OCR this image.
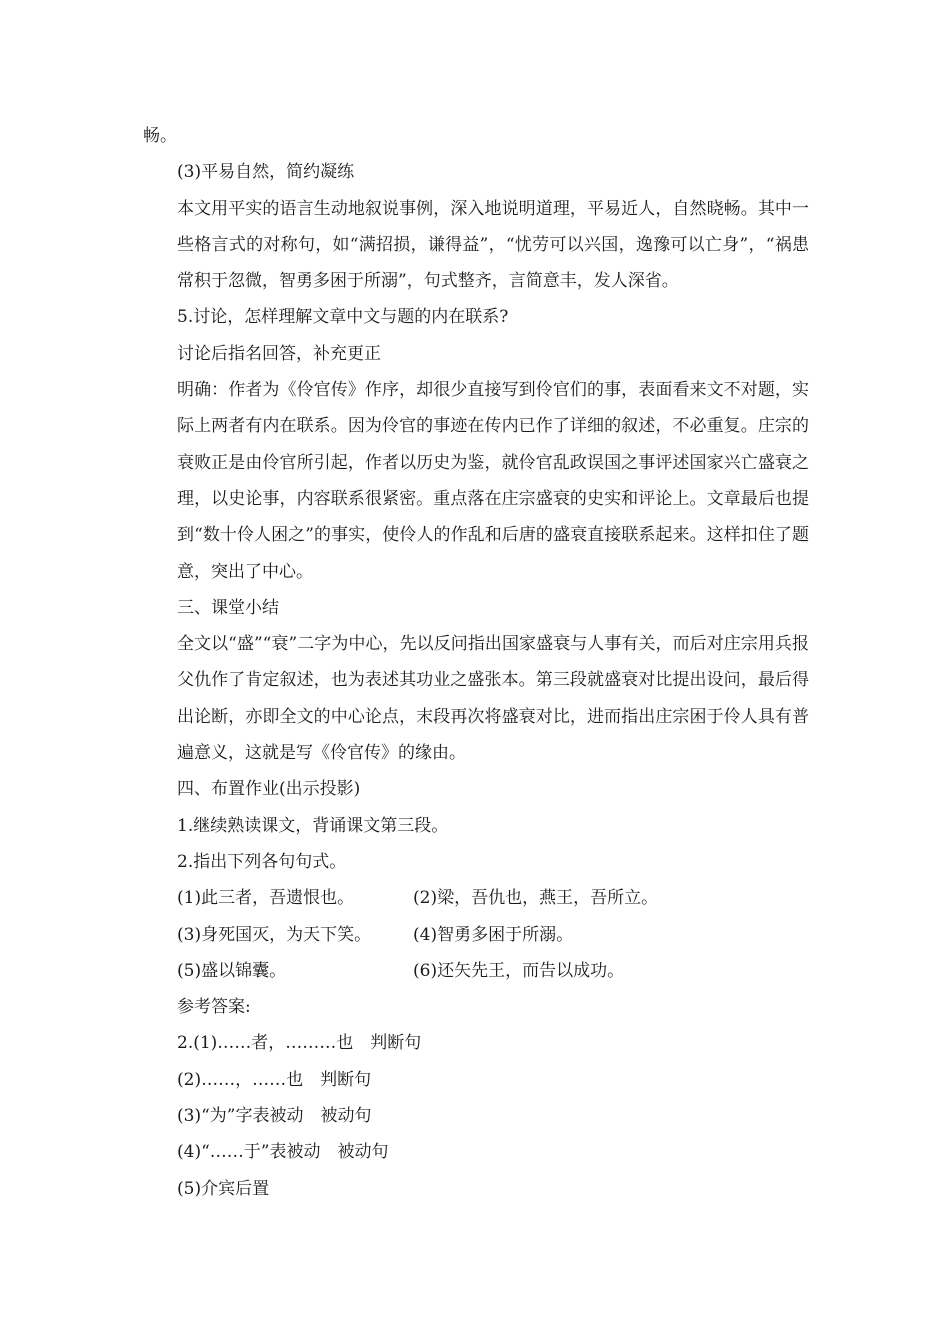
畅。

(3)平易自然，简约凝练

本文用平实的语言生动地叙说事例，深入地说明道理，平易近人，自然晓畅。其中一些格言式的对称句，如“满招损，谦得益”，“忧劳可以兴国，逸豫可以亡身”，“祸患常积于忽微，智勇多困于所溺”，句式整齐，言简意丰，发人深省。

5.讨论，怎样理解文章中文与题的内在联系?

讨论后指名回答，补充更正

明确：作者为《伶官传》作序，却很少直接写到伶官们的事，表面看来文不对题，实际上两者有内在联系。因为伶官的事迹在传内已作了详细的叙述，不必重复。庄宗的衰败正是由伶官所引起，作者以历史为鉴，就伶官乱政误国之事评述国家兴亡盛衰之理，以史论事，内容联系很紧密。重点落在庄宗盛衰的史实和评论上。文章最后也提到“数十伶人困之”的事实，使伶人的作乱和后唐的盛衰直接联系起来。这样扣住了题意，突出了中心。

三、课堂小结

全文以“盛”“衰”二字为中心，先以反问指出国家盛衰与人事有关，而后对庄宗用兵报父仇作了肯定叙述，也为表述其功业之盛张本。第三段就盛衰对比提出设问，最后得出论断，亦即全文的中心论点，末段再次将盛衰对比，进而指出庄宗困于伶人具有普遍意义，这就是写《伶官传》的缘由。

四、布置作业(出示投影)

1.继续熟读课文，背诵课文第三段。

2.指出下列各句句式。

(1)此三者，吾遗恨也。	(2)梁，吾仇也，燕王，吾所立。
(3)身死国灭，为天下笑。	(4)智勇多困于所溺。
(5)盛以锦囊。	(6)还矢先王，而告以成功。

参考答案:

2.(1)……者，………也　判断句

(2)……，……也　判断句

(3)“为”字表被动　被动句

(4)“……于”表被动　被动句

(5)介宾后置
